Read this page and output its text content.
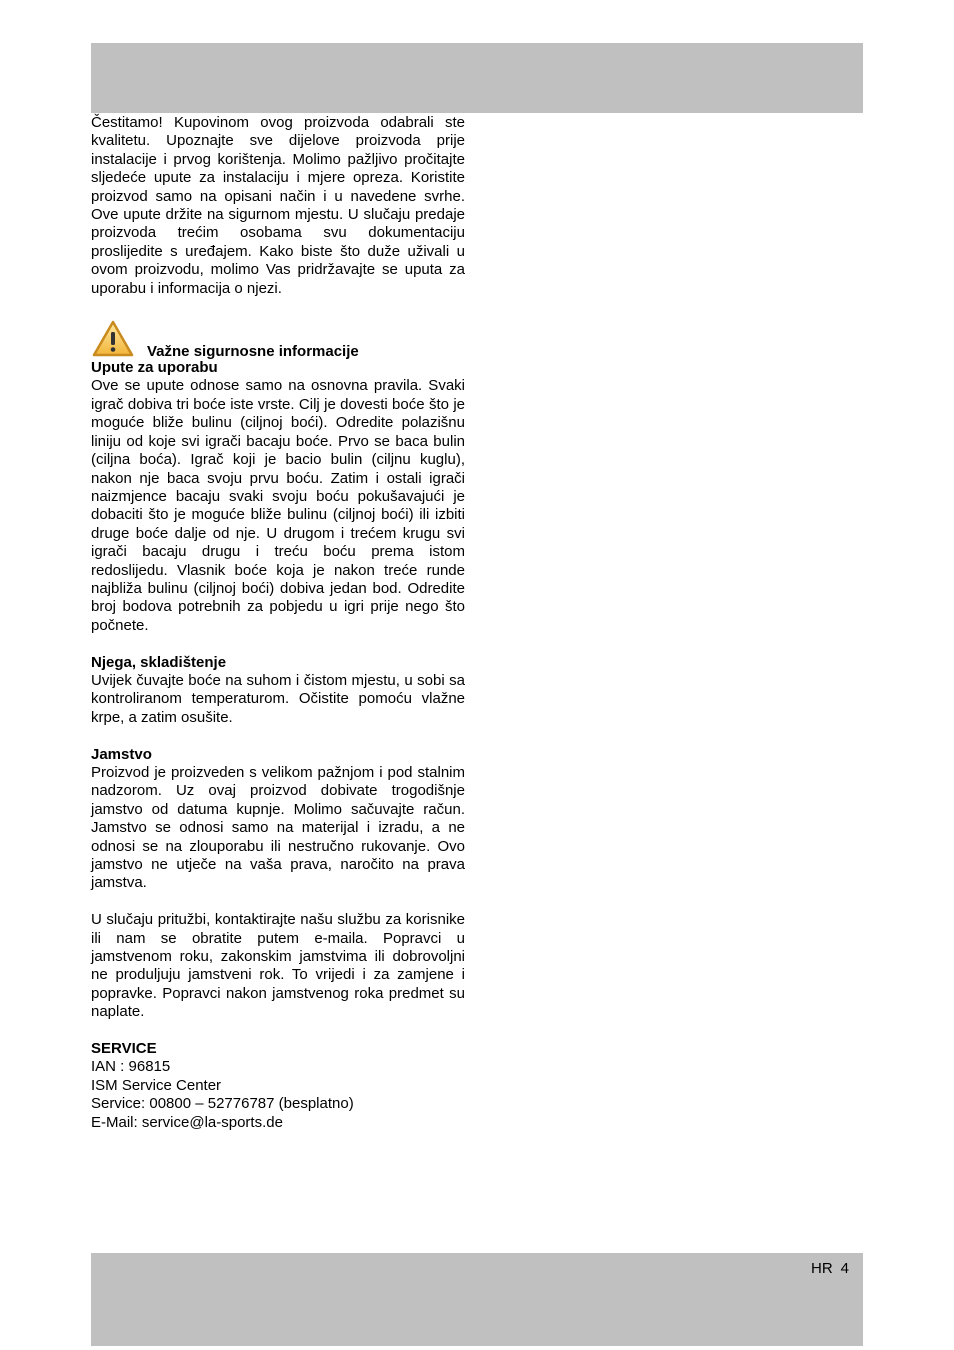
Čestitamo! Kupovinom ovog proizvoda odabrali ste kvalitetu. Upoznajte sve dijelove proizvoda prije instalacije i prvog korištenja. Molimo pažljivo pročitajte sljedeće upute za instalaciju i mjere opreza. Koristite proizvod samo na opisani način i u navedene svrhe. Ove upute držite na sigurnom mjestu. U slučaju predaje proizvoda trećim osobama svu dokumentaciju proslijedite s uređajem. Kako biste što duže uživali u ovom proizvodu, molimo Vas pridržavajte se uputa za uporabu i informacija o njezi.

Važne sigurnosne informacije

Upute za uporabu

Ove se upute odnose samo na osnovna pravila. Svaki igrač dobiva tri boće iste vrste. Cilj je dovesti boće što je moguće bliže bulinu (ciljnoj boći). Odredite polazišnu liniju od koje svi igrači bacaju boće. Prvo se baca bulin (ciljna boća). Igrač koji je bacio bulin (ciljnu kuglu), nakon nje baca svoju prvu boću. Zatim i ostali igrači naizmjence bacaju svaki svoju boću pokušavajući je dobaciti što je moguće bliže bulinu (ciljnoj boći) ili izbiti druge boće dalje od nje. U drugom i trećem krugu svi igrači bacaju drugu i treću boću prema istom redoslijedu. Vlasnik boće koja je nakon treće runde najbliža bulinu (ciljnoj boći) dobiva jedan bod. Odredite broj bodova potrebnih za pobjedu u igri prije nego što počnete.

Njega, skladištenje

Uvijek čuvajte boće na suhom i čistom mjestu, u sobi sa kontroliranom temperaturom. Očistite pomoću vlažne krpe, a zatim osušite.

Jamstvo

Proizvod je proizveden s velikom pažnjom i pod stalnim nadzorom. Uz ovaj proizvod dobivate trogodišnje jamstvo od datuma kupnje. Molimo sačuvajte račun. Jamstvo se odnosi samo na materijal i izradu, a ne odnosi se na zlouporabu ili nestručno rukovanje. Ovo jamstvo ne utječe na vaša prava, naročito na prava jamstva.

U slučaju pritužbi, kontaktirajte našu službu za korisnike ili nam se obratite putem e-maila. Popravci u jamstvenom roku, zakonskim jamstvima ili dobrovoljni ne produljuju jamstveni rok. To vrijedi i za zamjene i popravke. Popravci nakon jamstvenog roka predmet su naplate.

SERVICE

IAN : 96815

ISM Service Center

Service: 00800 – 52776787 (besplatno)

E-Mail: service@la-sports.de

HR 4
